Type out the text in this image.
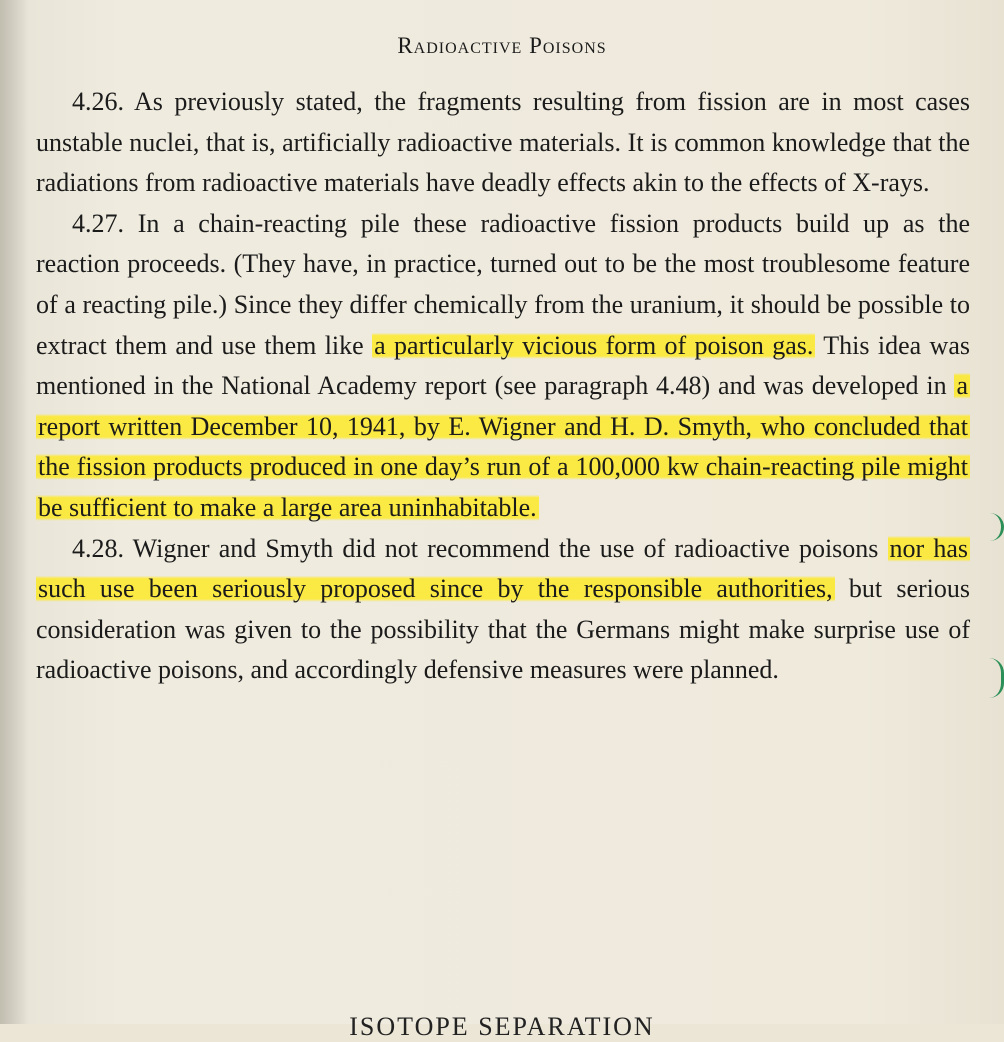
Radioactive Poisons

4.26. As previously stated, the fragments resulting from fission are in most cases unstable nuclei, that is, artificially radioactive materials. It is common knowledge that the radiations from radioactive materials have deadly effects akin to the effects of X-rays.

4.27. In a chain-reacting pile these radioactive fission products build up as the reaction proceeds. (They have, in practice, turned out to be the most troublesome feature of a reacting pile.) Since they differ chemically from the uranium, it should be possible to extract them and use them like a particularly vicious form of poison gas. This idea was mentioned in the National Academy report (see paragraph 4.48) and was developed in a report written December 10, 1941, by E. Wigner and H. D. Smyth, who concluded that the fission products produced in one day’s run of a 100,000 kw chain-reacting pile might be sufficient to make a large area uninhabitable.

4.28. Wigner and Smyth did not recommend the use of radioactive poisons nor has such use been seriously proposed since by the responsible authorities, but serious consideration was given to the possibility that the Germans might make surprise use of radioactive poisons, and accordingly defensive measures were planned.

ISOTOPE SEPARATION
